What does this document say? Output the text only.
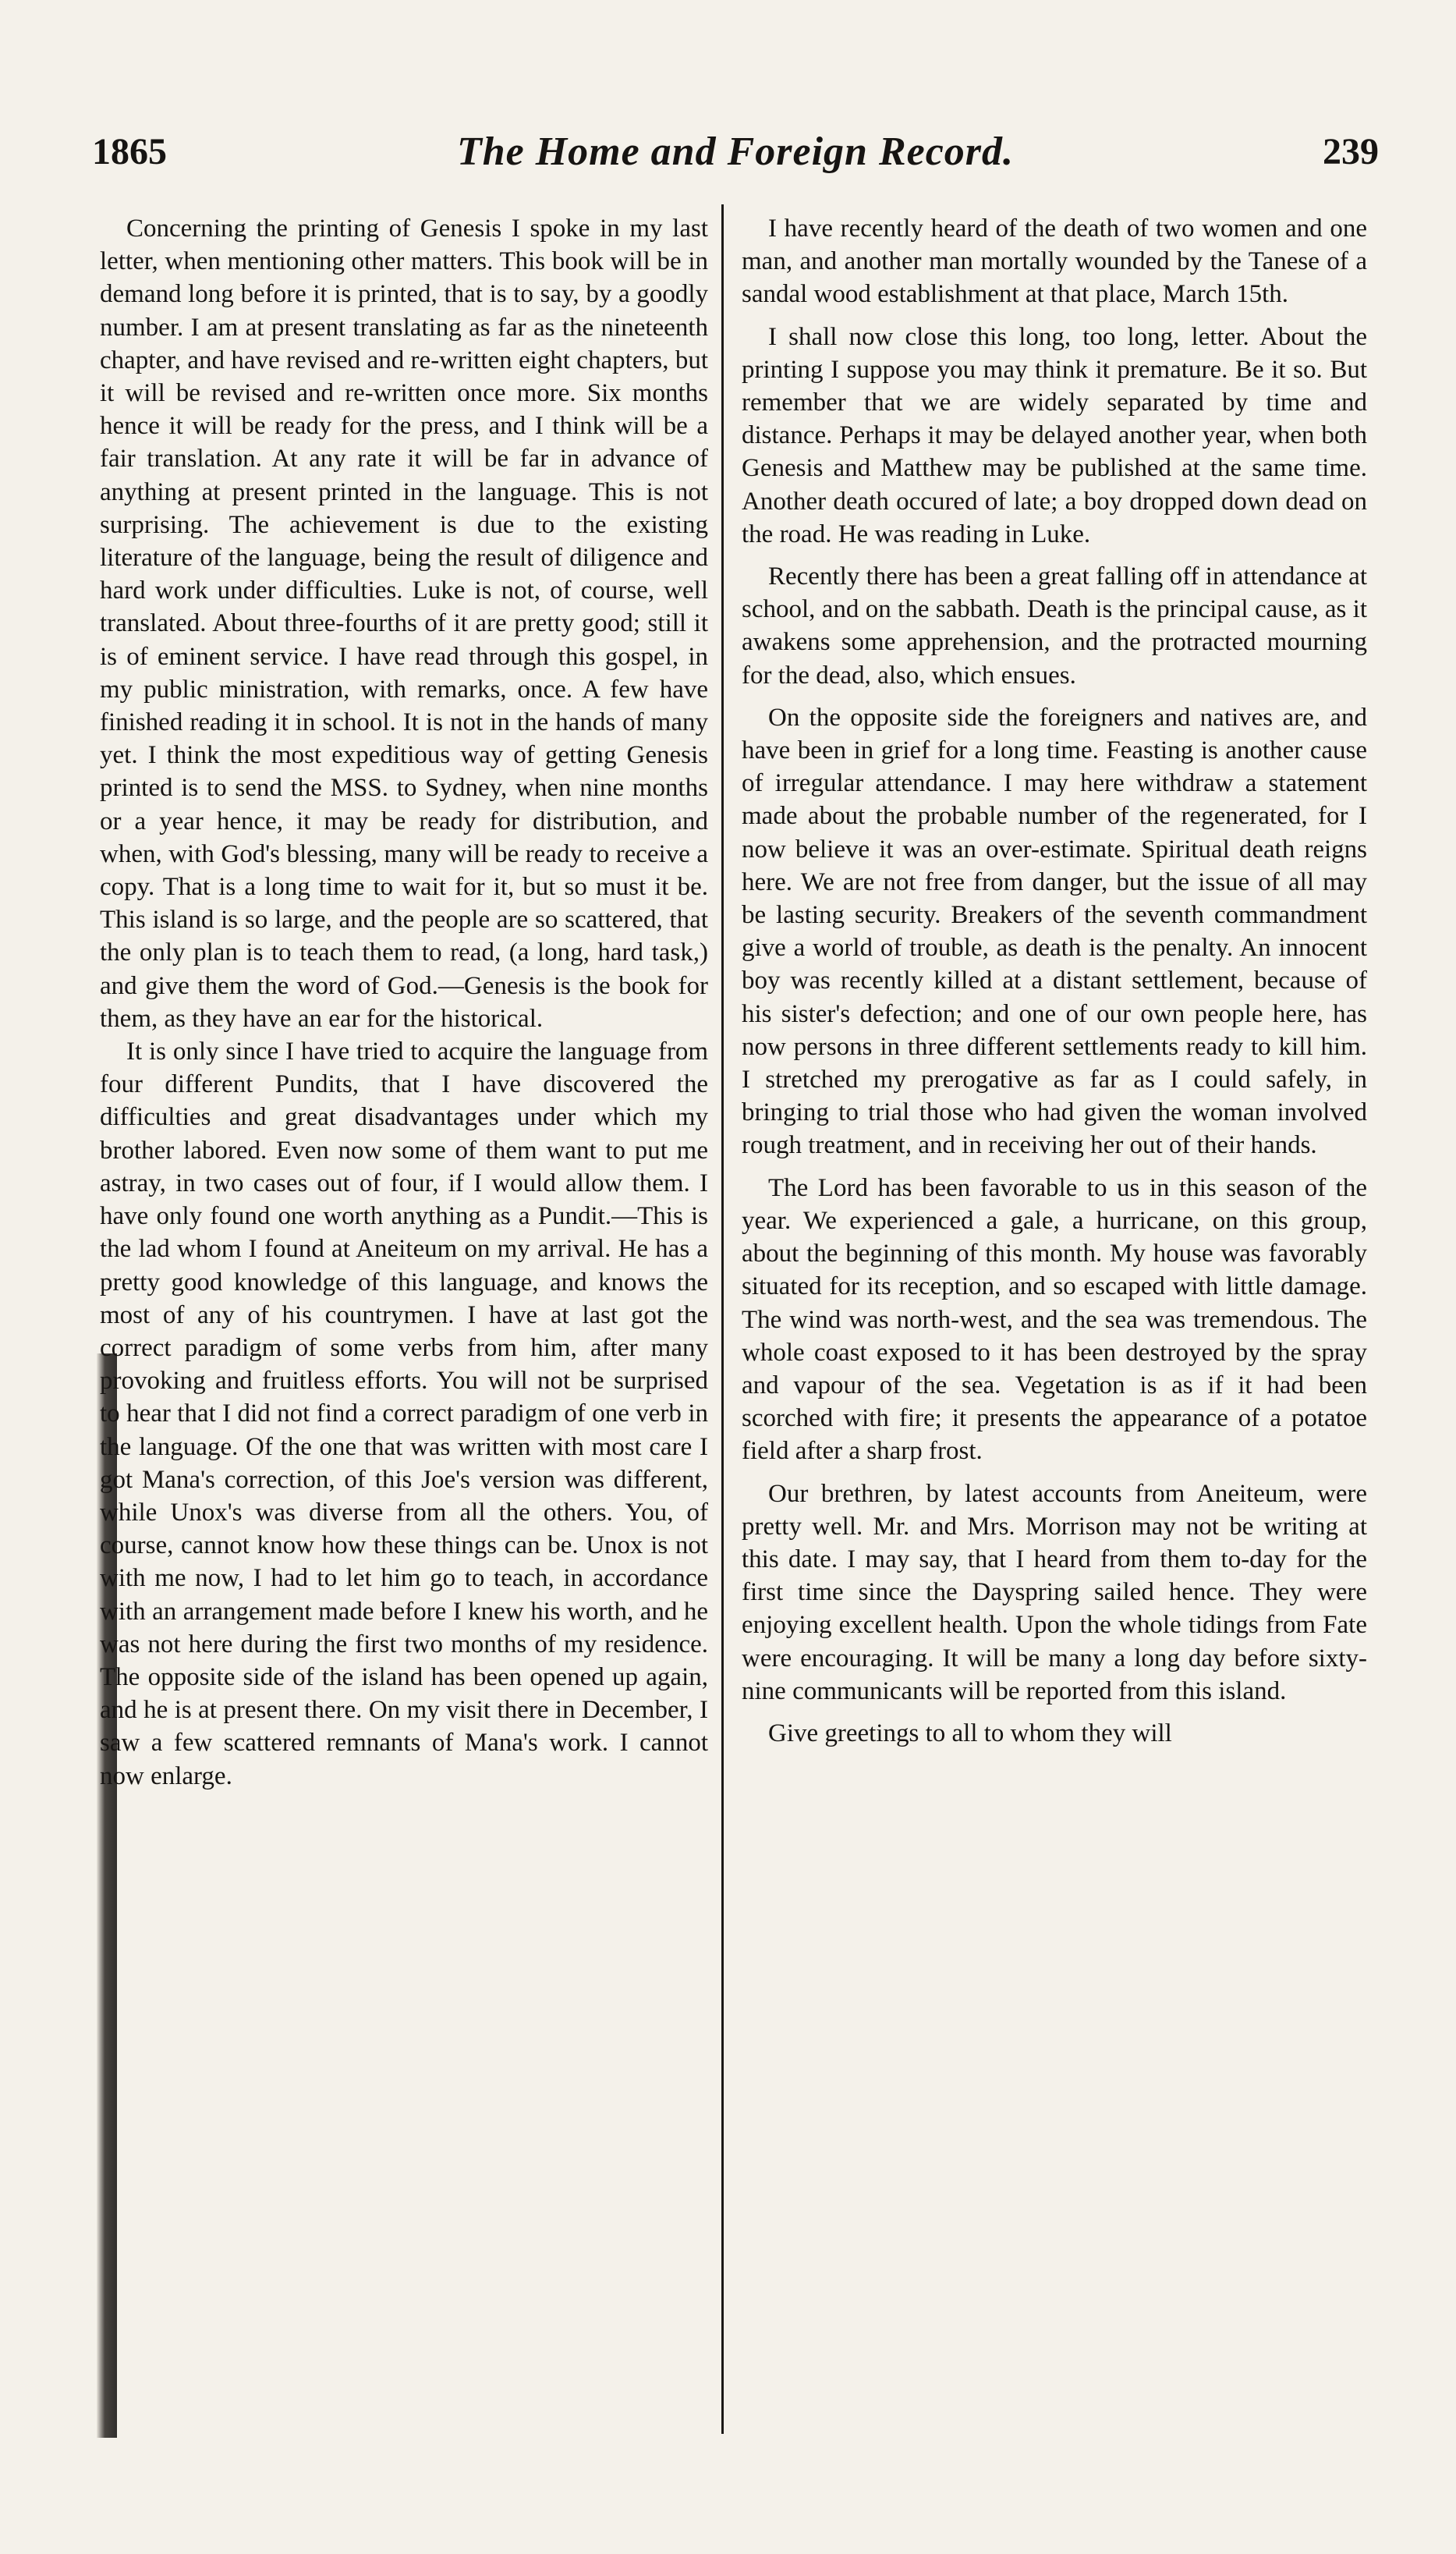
1865	The Home and Foreign Record.	239

Concerning the printing of Genesis I spoke in my last letter, when mentioning other matters. This book will be in demand long before it is printed, that is to say, by a goodly number. I am at present translating as far as the nineteenth chapter, and have revised and re-written eight chapters, but it will be revised and re-written once more. Six months hence it will be ready for the press, and I think will be a fair translation. At any rate it will be far in advance of anything at present printed in the language. This is not surprising. The achievement is due to the existing literature of the language, being the result of diligence and hard work under difficulties. Luke is not, of course, well translated. About three-fourths of it are pretty good; still it is of eminent service. I have read through this gospel, in my public ministration, with remarks, once. A few have finished reading it in school. It is not in the hands of many yet. I think the most expeditious way of getting Genesis printed is to send the MSS. to Sydney, when nine months or a year hence, it may be ready for distribution, and when, with God's blessing, many will be ready to receive a copy. That is a long time to wait for it, but so must it be. This island is so large, and the people are so scattered, that the only plan is to teach them to read, (a long, hard task,) and give them the word of God.—Genesis is the book for them, as they have an ear for the historical.

It is only since I have tried to acquire the language from four different Pundits, that I have discovered the difficulties and great disadvantages under which my brother labored. Even now some of them want to put me astray, in two cases out of four, if I would allow them. I have only found one worth anything as a Pundit.—This is the lad whom I found at Aneiteum on my arrival. He has a pretty good knowledge of this language, and knows the most of any of his countrymen. I have at last got the correct paradigm of some verbs from him, after many provoking and fruitless efforts. You will not be surprised to hear that I did not find a correct paradigm of one verb in the language. Of the one that was written with most care I got Mana's correction, of this Joe's version was different, while Unox's was diverse from all the others. You, of course, cannot know how these things can be. Unox is not with me now, I had to let him go to teach, in accordance with an arrangement made before I knew his worth, and he was not here during the first two months of my residence. The opposite side of the island has been opened up again, and he is at present there. On my visit there in December, I saw a few scattered remnants of Mana's work. I cannot now enlarge.

I have recently heard of the death of two women and one man, and another man mortally wounded by the Tanese of a sandal wood establishment at that place, March 15th.

I shall now close this long, too long, letter. About the printing I suppose you may think it premature. Be it so. But remember that we are widely separated by time and distance. Perhaps it may be delayed another year, when both Genesis and Matthew may be published at the same time. Another death occured of late; a boy dropped down dead on the road. He was reading in Luke.

Recently there has been a great falling off in attendance at school, and on the sabbath. Death is the principal cause, as it awakens some apprehension, and the protracted mourning for the dead, also, which ensues.

On the opposite side the foreigners and natives are, and have been in grief for a long time. Feasting is another cause of irregular attendance. I may here withdraw a statement made about the probable number of the regenerated, for I now believe it was an over-estimate. Spiritual death reigns here. We are not free from danger, but the issue of all may be lasting security. Breakers of the seventh commandment give a world of trouble, as death is the penalty. An innocent boy was recently killed at a distant settlement, because of his sister's defection; and one of our own people here, has now persons in three different settlements ready to kill him. I stretched my prerogative as far as I could safely, in bringing to trial those who had given the woman involved rough treatment, and in receiving her out of their hands.

The Lord has been favorable to us in this season of the year. We experienced a gale, a hurricane, on this group, about the beginning of this month. My house was favorably situated for its reception, and so escaped with little damage. The wind was north-west, and the sea was tremendous. The whole coast exposed to it has been destroyed by the spray and vapour of the sea. Vegetation is as if it had been scorched with fire; it presents the appearance of a potatoe field after a sharp frost.

Our brethren, by latest accounts from Aneiteum, were pretty well. Mr. and Mrs. Morrison may not be writing at this date. I may say, that I heard from them to-day for the first time since the Dayspring sailed hence. They were enjoying excellent health. Upon the whole tidings from Fate were encouraging. It will be many a long day before sixty-nine communicants will be reported from this island.

Give greetings to all to whom they will
